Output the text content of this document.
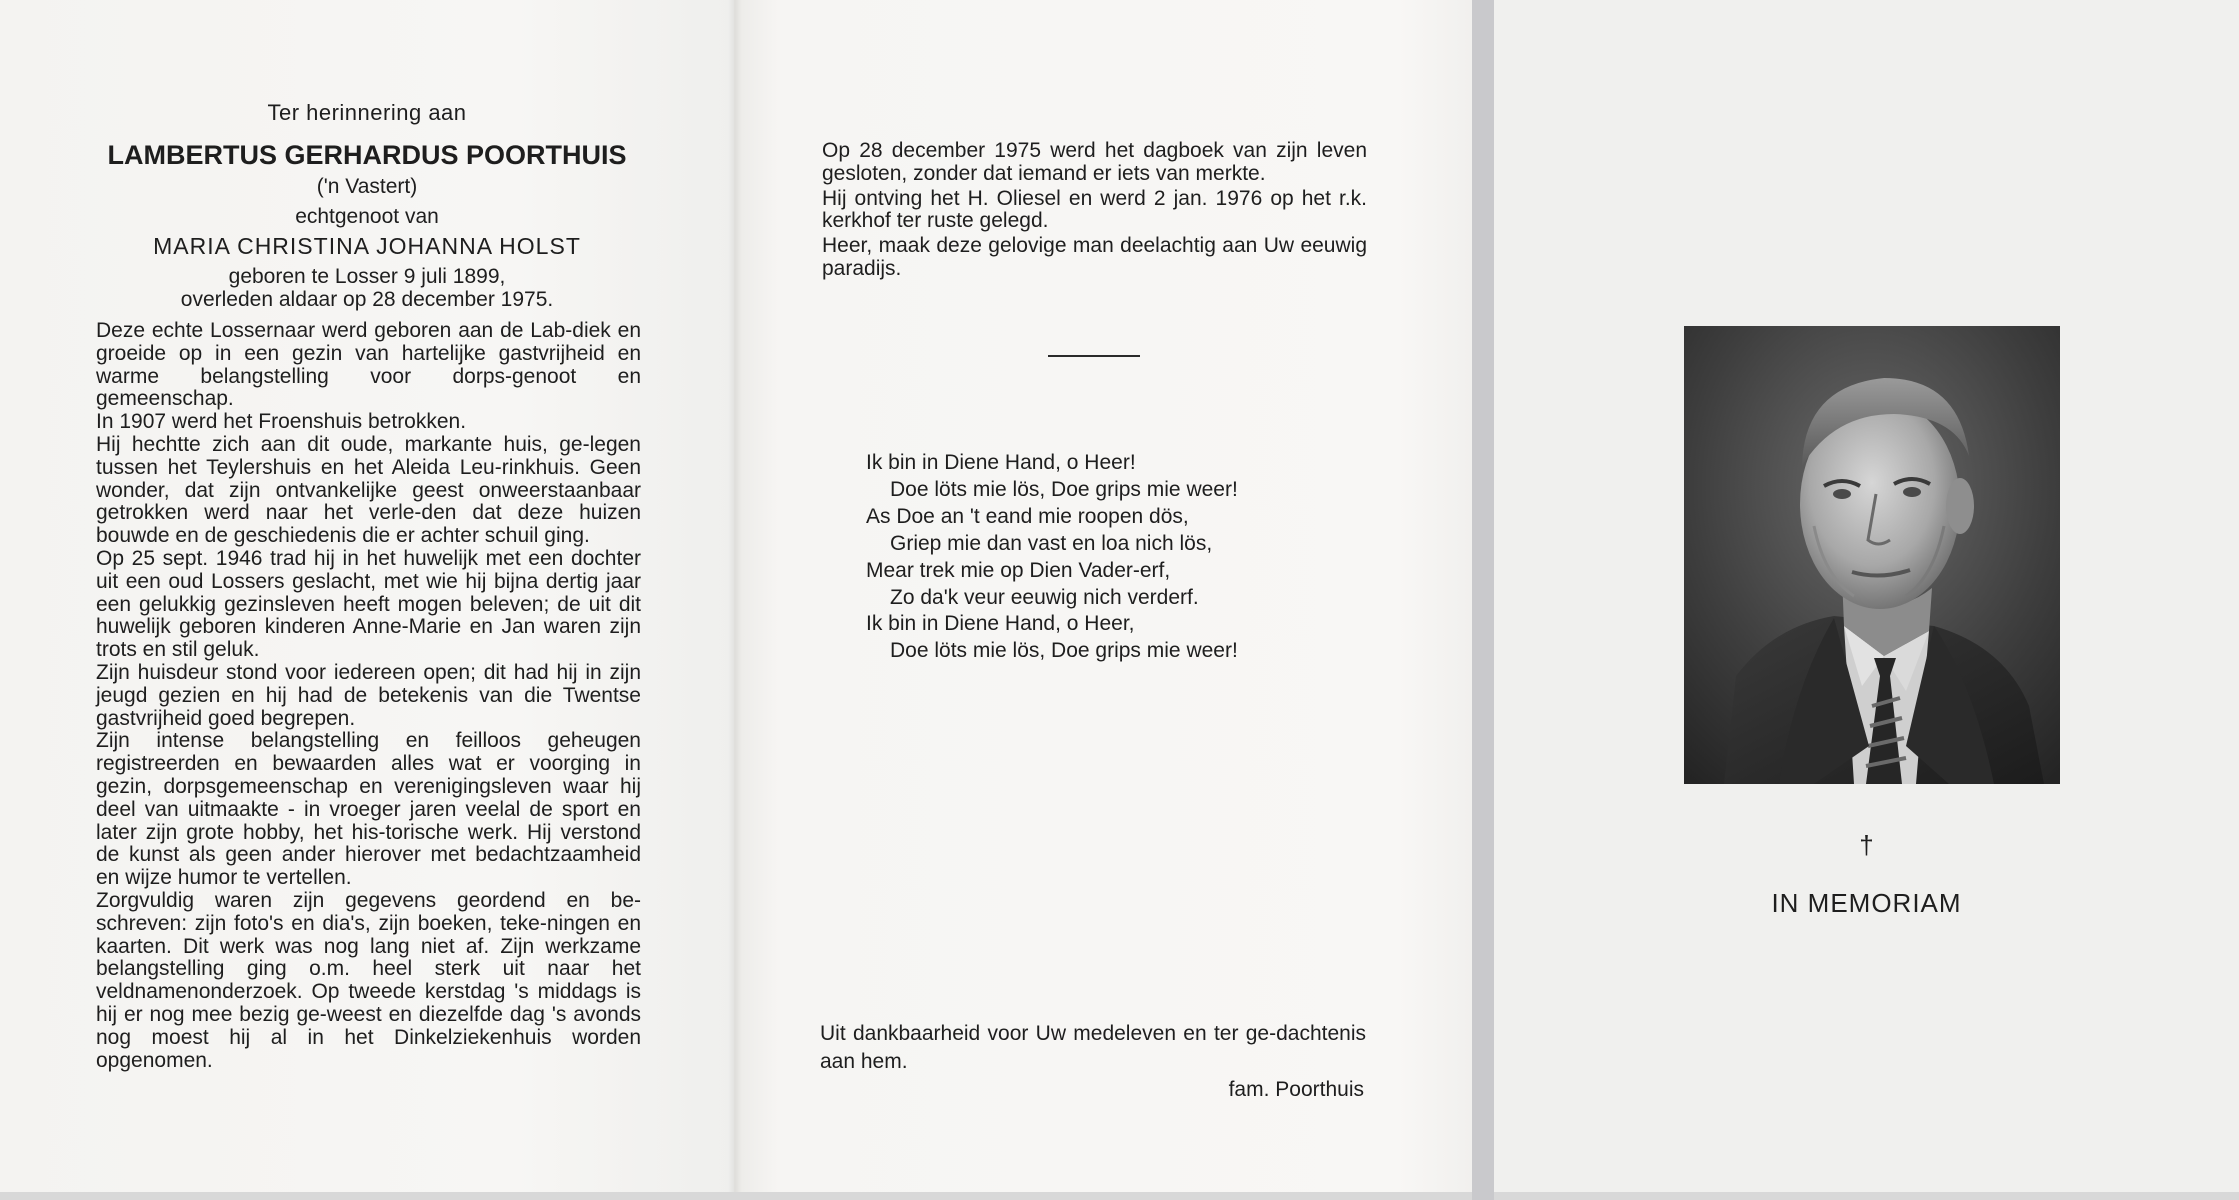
Ter herinnering aan
LAMBERTUS GERHARDUS POORTHUIS
('n Vastert)
echtgenoot van
MARIA CHRISTINA JOHANNA HOLST
geboren te Losser 9 juli 1899,
overleden aldaar op 28 december 1975.

Deze echte Lossernaar werd geboren aan de Lab-diek en groeide op in een gezin van hartelijke gastvrijheid en warme belangstelling voor dorps-genoot en gemeenschap.

In 1907 werd het Froenshuis betrokken.

Hij hechtte zich aan dit oude, markante huis, ge-legen tussen het Teylershuis en het Aleida Leu-rinkhuis. Geen wonder, dat zijn ontvankelijke geest onweerstaanbaar getrokken werd naar het verle-den dat deze huizen bouwde en de geschiedenis die er achter schuil ging.

Op 25 sept. 1946 trad hij in het huwelijk met een dochter uit een oud Lossers geslacht, met wie hij bijna dertig jaar een gelukkig gezinsleven heeft mogen beleven; de uit dit huwelijk geboren kinderen Anne-Marie en Jan waren zijn trots en stil geluk.

Zijn huisdeur stond voor iedereen open; dit had hij in zijn jeugd gezien en hij had de betekenis van die Twentse gastvrijheid goed begrepen.

Zijn intense belangstelling en feilloos geheugen registreerden en bewaarden alles wat er voorging in gezin, dorpsgemeenschap en verenigingsleven waar hij deel van uitmaakte - in vroeger jaren veelal de sport en later zijn grote hobby, het his-torische werk. Hij verstond de kunst als geen ander hierover met bedachtzaamheid en wijze humor te vertellen.

Zorgvuldig waren zijn gegevens geordend en be-schreven: zijn foto's en dia's, zijn boeken, teke-ningen en kaarten. Dit werk was nog lang niet af. Zijn werkzame belangstelling ging o.m. heel sterk uit naar het veldnamenonderzoek. Op tweede kerstdag 's middags is hij er nog mee bezig ge-weest en diezelfde dag 's avonds nog moest hij al in het Dinkelziekenhuis worden opgenomen.

Op 28 december 1975 werd het dagboek van zijn leven gesloten, zonder dat iemand er iets van merkte.

Hij ontving het H. Oliesel en werd 2 jan. 1976 op het r.k. kerkhof ter ruste gelegd.

Heer, maak deze gelovige man deelachtig aan Uw eeuwig paradijs.

Ik bin in Diene Hand, o Heer!
Doe löts mie lös, Doe grips mie weer!
As Doe an 't eand mie roopen dös,
Griep mie dan vast en loa nich lös,
Mear trek mie op Dien Vader-erf,
Zo da'k veur eeuwig nich verderf.
Ik bin in Diene Hand, o Heer,
Doe löts mie lös, Doe grips mie weer!
Uit dankbaarheid voor Uw medeleven en ter ge-dachtenis aan hem.
fam. Poorthuis
†
IN MEMORIAM
